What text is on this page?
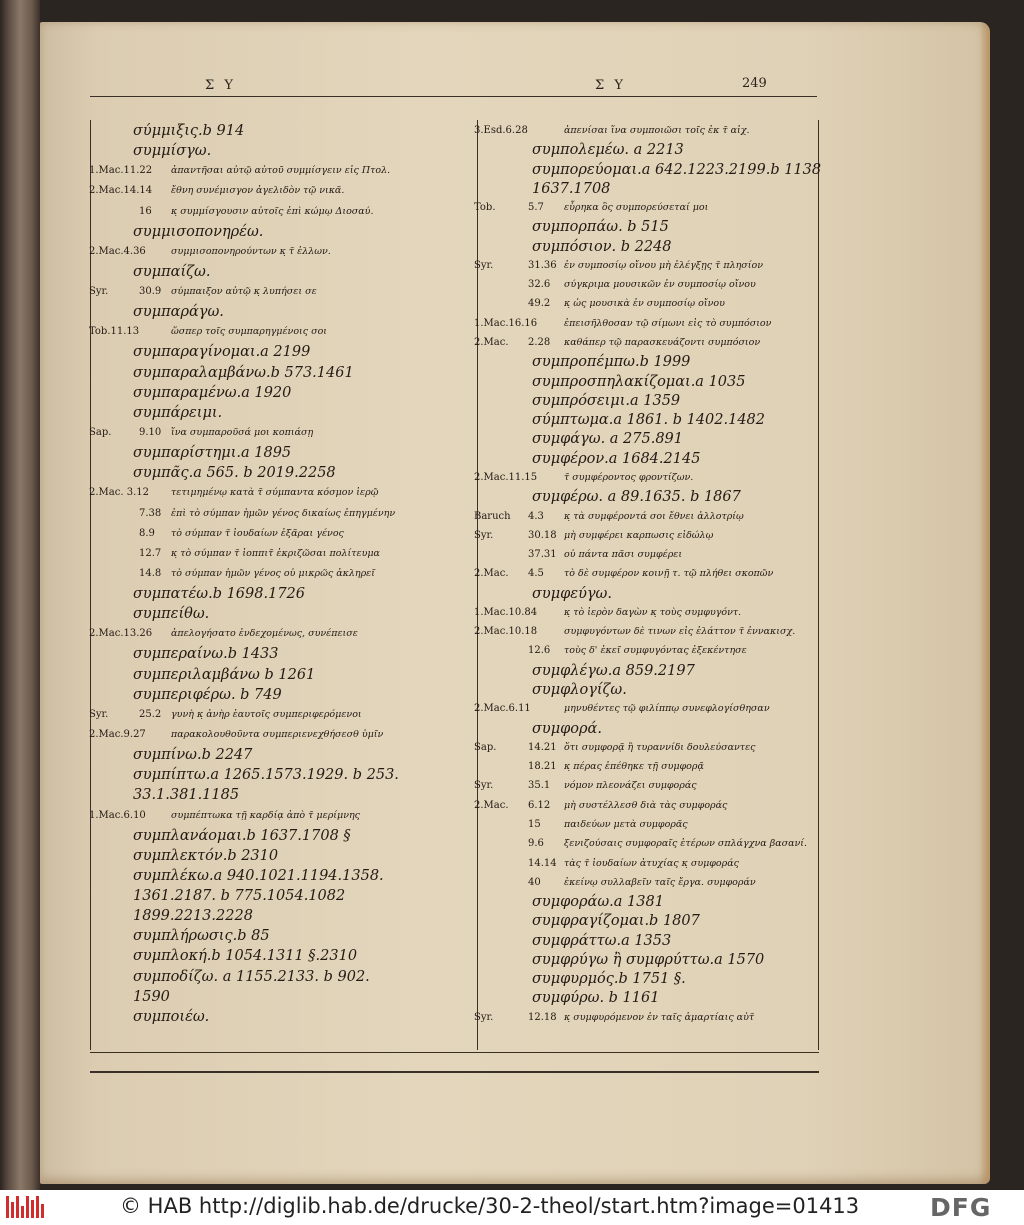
Σ Υ	Σ Υ	249
σύμμιξις.b 914
συμμίσγω.
1.Mac.11.22 ἀπαντῆσαι αὐτῷ αὐτοῦ συμμίσγειν εἰς Πτολ.
2.Mac.14.14 ἔθνη συνέμισγον ἀγελιδὸν τῷ νικᾶ.
16 κ̣ συμμίσγουσιν αὐτοῖς ἐπὶ κώμῳ Διοσαύ.
συμμισοπονηρέω.
2.Mac.4.36	συμμισοπονηρούντων κ̣ τ̃ ἐλλων.
συμπαίζω.
Syr.	30.9 σύμπαιξον αὐτῷ κ̣ λυπήσει σε
συμπαράγω.
Tob.11.13	ὥσπερ τοῖς συμπαρηγμένοις σοι
συμπαραγίνομαι.a 2199
συμπαραλαμβάνω.b 573.1461
συμπαραμένω.a 1920
συμπάρειμι.
Sap.	9.10 ἵνα συμπαροῦσά μοι κοπιάσῃ
συμπαρίστημι.a 1895
συμπᾶς.a 565. b 2019.2258
2.Mac. 3.12 τετιμημένῳ κατὰ τ̃ σύμπαντα κόσμον ἱερῷ
7.38 ἐπὶ τὸ σύμπαν ἡμῶν γένος δικαίως ἐπηγμένην
8.9 τὸ σύμπαν τ̃ ἰουδαίων ἐξᾶραι γένος
12.7 κ̣ τὸ σύμπαν τ̃ ἰοππιτ̃ ἐκριζῶσαι πολίτευμα
14.8 τὸ σύμπαν ἡμῶν γένος οὐ μικρῶς ἀκληρεῖ
συμπατέω.b 1698.1726
συμπείθω.
2.Mac.13.26 ἀπελογήσατο ἐνδεχομένως, συνέπεισε
συμπεραίνω.b 1433
συμπεριλαμβάνω b 1261
συμπεριφέρω. b 749
Syr.	25.2 γυνὴ κ̣ ἀνὴρ ἑαυτοῖς συμπεριφερόμενοι
2.Mac.9.27	παρακολουθοῦντα συμπεριενεχθήσεσθ ὑμῖν
συμπίνω.b 2247
συμπίπτω.a 1265.1573.1929. b 253.
33.1.381.1185
1.Mac.6.10	συμπέπτωκα τῇ καρδίᾳ ἀπὸ τ̃ μερίμνης
συμπλανάομαι.b 1637.1708 §
συμπλεκτόν.b 2310
συμπλέκω.a 940.1021.1194.1358.
1361.2187. b 775.1054.1082
1899.2213.2228
συμπλήρωσις.b 85
συμπλοκή.b 1054.1311 §.2310
συμποδίζω. a 1155.2133. b 902.
1590
συμποιέω.
3.Esd.6.28	ἀπενίσαι ἵνα συμποιῶσι τοῖς ἐκ τ̃ αἰχ.
συμπολεμέω. a 2213
συμπορεύομαι.a 642.1223.2199.b 1138
1637.1708
Tob.	5.7 εὗρηκα ὃς συμπορεύσεταί μοι
συμπορπάω. b 515
συμπόσιον. b 2248
Syr.	31.36 ἐν συμποσίῳ οἴνου μὴ ἐλέγξῃς τ̃ πλησίον
32.6 σύγκριμα μουσικῶν ἐν συμποσίῳ οἴνου
49.2 κ̣ ὡς μουσικὰ ἐν συμποσίῳ οἴνου
1.Mac.16.16	ἐπεισῆλθοσαν τῷ σίμωνι εἰς τὸ συμπόσιον
2.Mac. 2.28 καθάπερ τῷ παρασκευάζοντι συμπόσιον
συμπροπέμπω.b 1999
συμπροσπηλακίζομαι.a 1035
συμπρόσειμι.a 1359
σύμπτωμα.a 1861. b 1402.1482
συμφάγω. a 275.891
συμφέρον.a 1684.2145
2.Mac.11.15	τ̃ συμφέροντος φροντίζων.
συμφέρω. a 89.1635. b 1867
Baruch 4.3 κ̣ τὰ συμφέροντά σοι ἔθνει ἀλλοτρίῳ
Syr.	30.18 μὴ συμφέρει καρπωσις εἰδώλῳ
37.31 οὐ πάντα πᾶσι συμφέρει
2.Mac. 4.5 τὸ δὲ συμφέρον κοινῇ τ. τῷ πλήθει σκοπῶν
συμφεύγω.
1.Mac.10.84	κ̣ τὸ ἱερὸν δαγὼν κ̣ τοὺς συμφυγόντ.
2.Mac.10.18	συμφυγόντων δὲ τινων εἰς ἐλάττον τ̃ ἐννακισχ.
12.6 τοὺς δ' ἐκεῖ συμφυγόντας ἐξεκέντησε
συμφλέγω.a 859.2197
συμφλογίζω.
2.Mac.6.11	μηνυθέντες τῷ φιλίππῳ συνεφλογίσθησαν
συμφορά.
Sap.	14.21 ὅτι συμφορᾷ ἢ τυραννίδι δουλεύσαντες
18.21 κ̣ πέρας ἐπέθηκε τῇ συμφορᾷ
Syr.	35.1 νόμον πλεονάζει συμφοράς
2.Mac. 6.12 μὴ συστέλλεσθ διὰ τὰς συμφοράς
15 παιδεύων μετὰ συμφορᾶς
9.6 ξενιζούσαις συμφοραῖς ἑτέρων σπλάγχνα βασανί.
14.14 τὰς τ̃ ἰουδαίων ἀτυχίας κ̣ συμφοράς
40 ἐκείνῳ συλλαβεῖν ταῖς ἔργα. συμφοράν
συμφοράω.a 1381
συμφραγίζομαι.b 1807
συμφράττω.a 1353
συμφρύγω ἢ συμφρύττω.a 1570
συμφυρμός.b 1751 §.
συμφύρω. b 1161
Syr.	12.18 κ̣ συμφυρόμενον ἐν ταῖς ἁμαρτίαις αὐτ̃
© HAB http://diglib.hab.de/drucke/30-2-theol/start.htm?image=01413	DFG
